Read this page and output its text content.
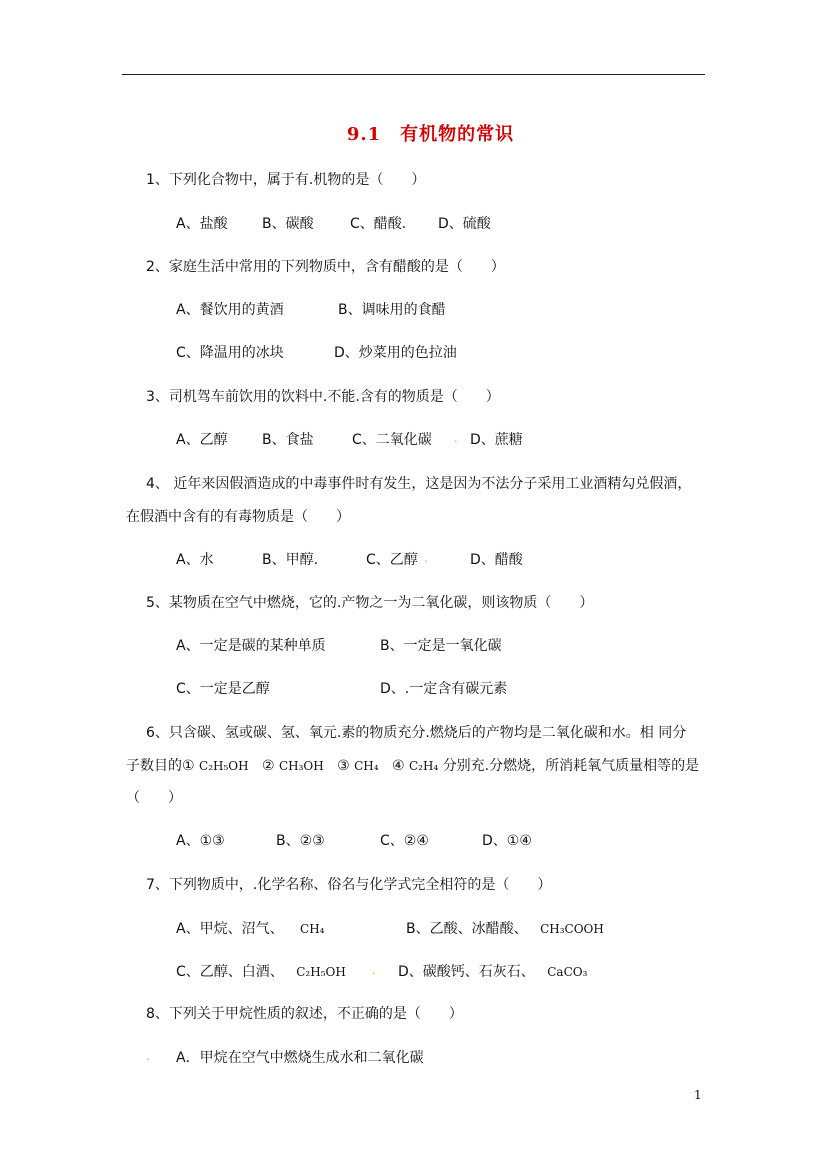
9.1　有机物的常识
1、下列化合物中，属于有.机物的是（　　）
A、盐酸 B、碳酸	C、醋酸. D、硫酸
2、家庭生活中常用的下列物质中，含有醋酸的是（　　）
A、餐饮用的黄酒	B、调味用的食醋
C、降温用的冰块	D、炒菜用的色拉油
3、司机驾车前饮用的饮料中.不能.含有的物质是（　　）
A、乙醇 B、食盐	C、二氧化碳 . D、蔗糖
4、 近年来因假酒造成的中毒事件时有发生，这是因为不法分子采用工业酒精勾兑假酒，
在假酒中含有的有毒物质是（　　）
A、水	B、甲醇.	C、乙醇 .	D、醋酸
5、某物质在空气中燃烧，它的.产物之一为二氧化碳，则该物质（　　）
A、一定是碳的某种单质	B、一定是一氧化碳
C、一定是乙醇	D、.一定含有碳元素
6、只含碳、氢或碳、氢、氧元.素的物质充分.燃烧后的产物均是二氧化碳和水。相 同分
子数目的① C₂H₅OH ② CH₃OH ③ CH₄ ④ C₂H₄ 分别充.分燃烧，所消耗氧气质量相等的是
（　　）
A、①③	B、②③	C、②④	D、①④
7、下列物质中，.化学名称、俗名与化学式完全相符的是（　　）
A、甲烷、沼气、 CH₄	B、乙酸、冰醋酸、 CH₃COOH
C、乙醇、白酒、 C₂H₅OH . D、碳酸钙、石灰石、 CaCO₃
8、下列关于甲烷性质的叙述，不正确的是（　　）
. A．甲烷在空气中燃烧生成水和二氧化碳
1
